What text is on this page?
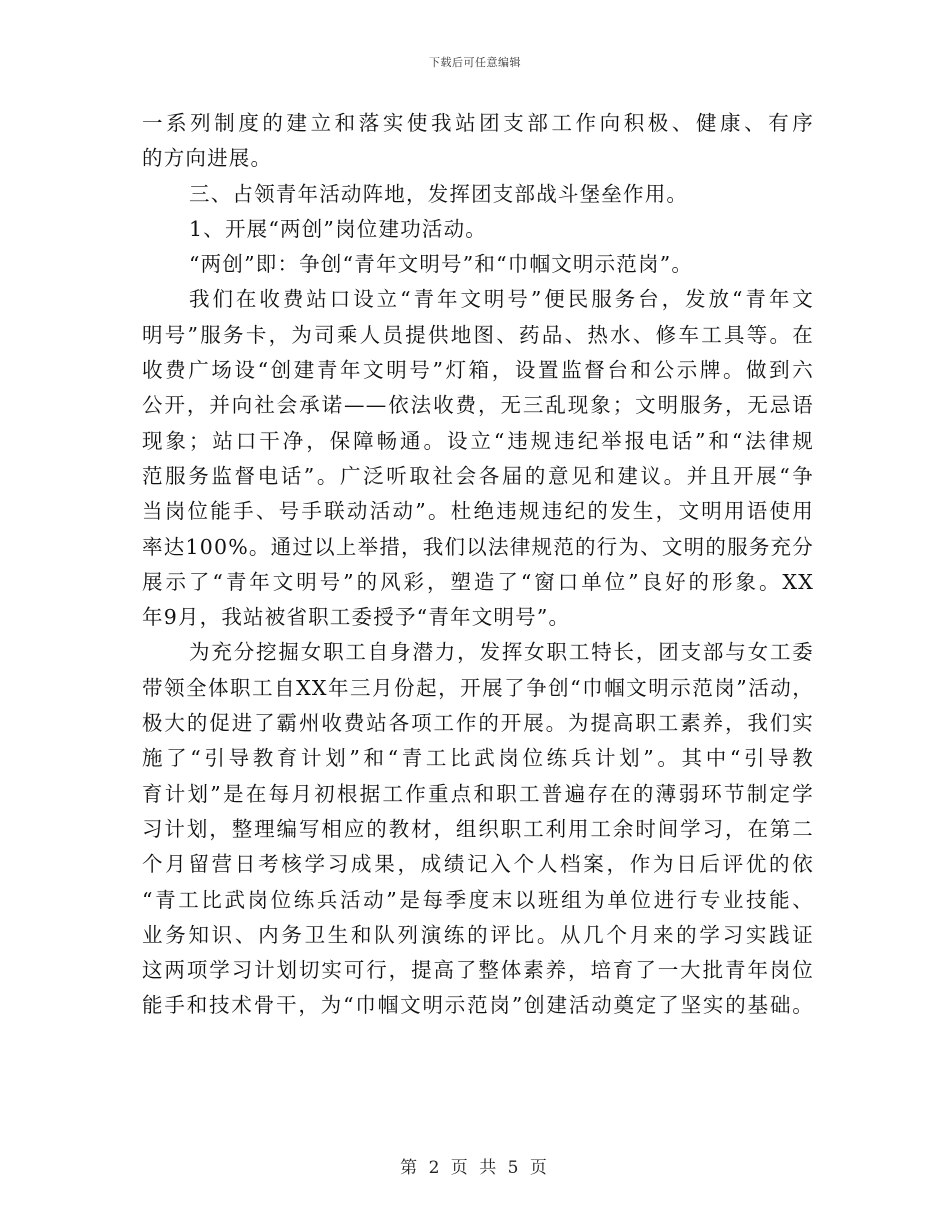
下载后可任意编辑
一系列制度的建立和落实使我站团支部工作向积极、健康、有序
的方向进展。
三、占领青年活动阵地，发挥团支部战斗堡垒作用。
1、开展“两创”岗位建功活动。
“两创”即：争创“青年文明号”和“巾帼文明示范岗”。
我们在收费站口设立“青年文明号”便民服务台，发放“青年文
明号”服务卡，为司乘人员提供地图、药品、热水、修车工具等。在
收费广场设“创建青年文明号”灯箱，设置监督台和公示牌。做到六
公开，并向社会承诺——依法收费，无三乱现象；文明服务，无忌语
现象；站口干净，保障畅通。设立“违规违纪举报电话”和“法律规
范服务监督电话”。广泛听取社会各届的意见和建议。并且开展“争
当岗位能手、号手联动活动”。杜绝违规违纪的发生，文明用语使用
率达100%。通过以上举措，我们以法律规范的行为、文明的服务充分
展示了“青年文明号”的风彩，塑造了“窗口单位”良好的形象。XX
年9月，我站被省职工委授予“青年文明号”。
为充分挖掘女职工自身潜力，发挥女职工特长，团支部与女工委
带领全体职工自XX年三月份起，开展了争创“巾帼文明示范岗”活动，
极大的促进了霸州收费站各项工作的开展。为提高职工素养，我们实
施了“引导教育计划”和“青工比武岗位练兵计划”。其中“引导教
育计划”是在每月初根据工作重点和职工普遍存在的薄弱环节制定学
习计划，整理编写相应的教材，组织职工利用工余时间学习，在第二
个月留营日考核学习成果，成绩记入个人档案，作为日后评优的依
“青工比武岗位练兵活动”是每季度末以班组为单位进行专业技能、
业务知识、内务卫生和队列演练的评比。从几个月来的学习实践证
这两项学习计划切实可行，提高了整体素养，培育了一大批青年岗位
能手和技术骨干，为“巾帼文明示范岗”创建活动奠定了坚实的基础。
第 2 页 共 5 页
